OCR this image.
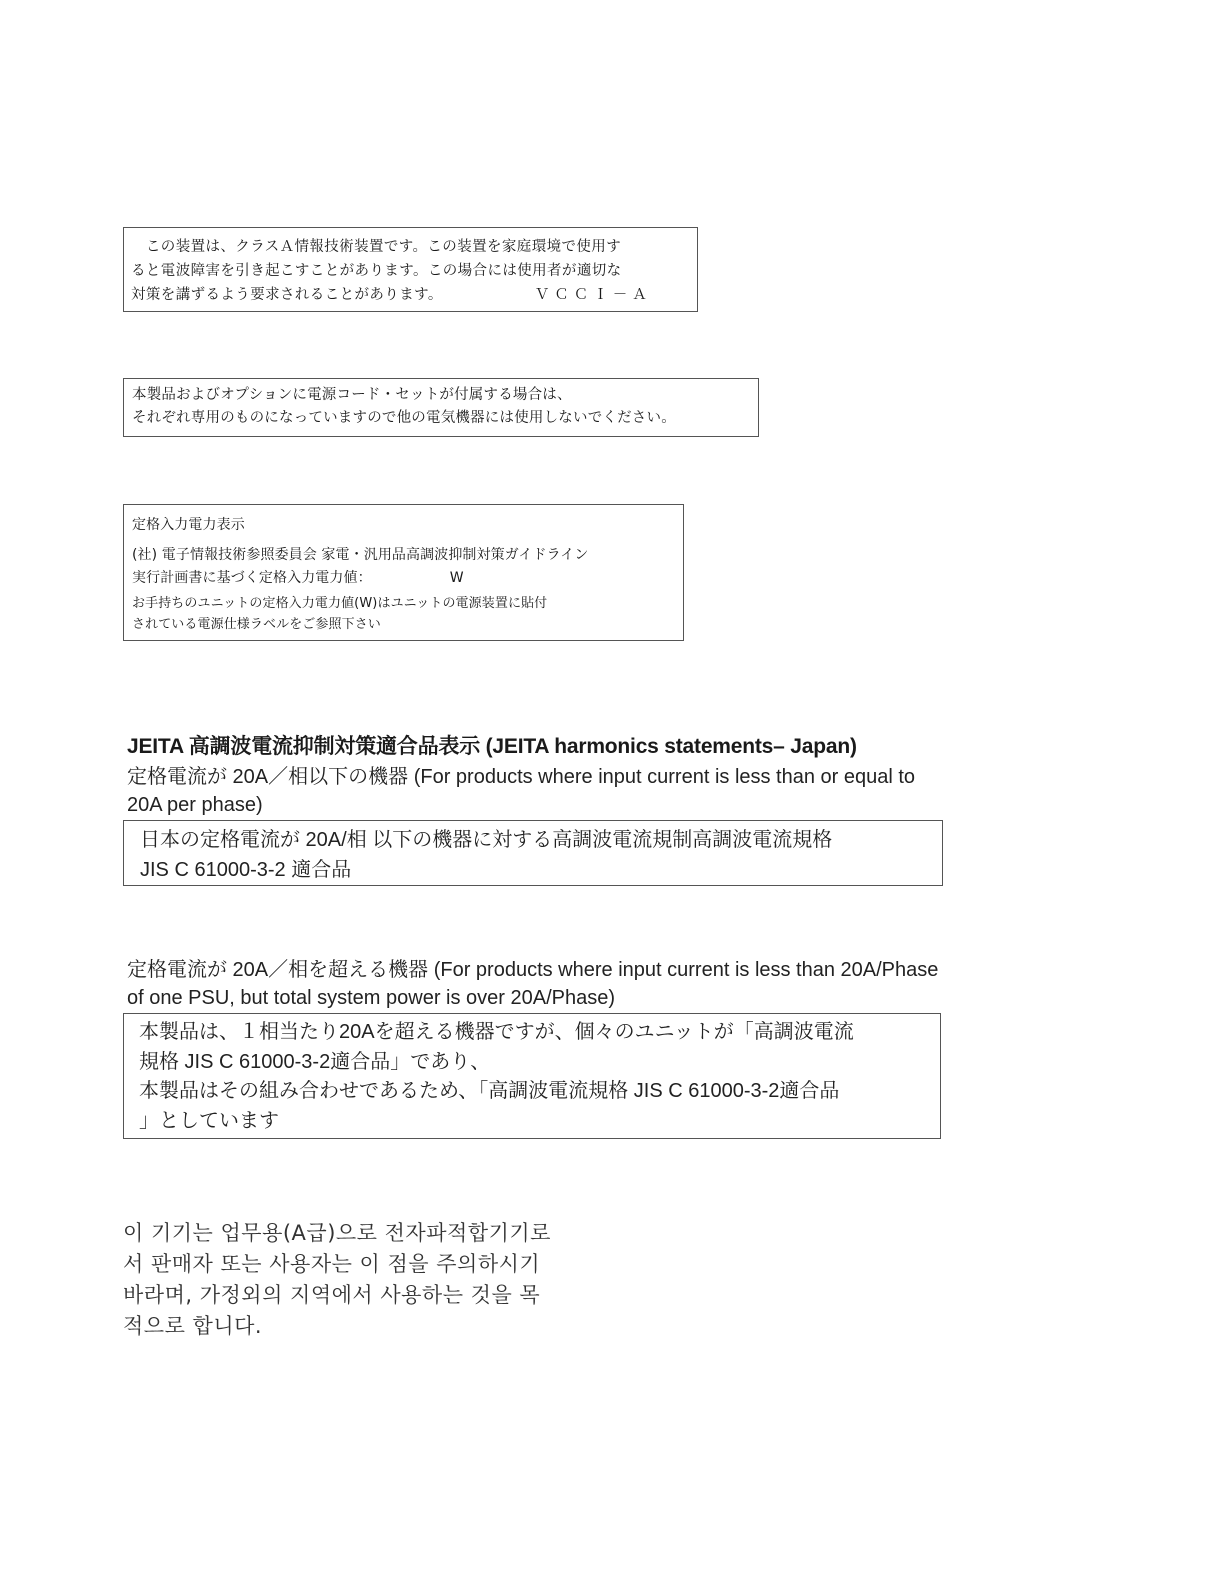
　この装置は、クラスＡ情報技術装置です。この装置を家庭環境で使用す
ると電波障害を引き起こすことがあります。この場合には使用者が適切な
対策を講ずるよう要求されることがあります。	ＶＣＣＩ－Ａ
本製品およびオプションに電源コード・セットが付属する場合は、
それぞれ専用のものになっていますので他の電気機器には使用しないでください。
定格入力電力表示
(社) 電子情報技術参照委員会 家電・汎用品高調波抑制対策ガイドライン
実行計画書に基づく定格入力電力値：	W
お手持ちのユニットの定格入力電力値(W)はユニットの電源装置に貼付
されている電源仕様ラベルをご参照下さい
JEITA 高調波電流抑制対策適合品表示 (JEITA harmonics statements– Japan)
定格電流が 20A／相以下の機器 (For products where input current is less than or equal to 20A per phase)
日本の定格電流が 20A/相 以下の機器に対する高調波電流規制高調波電流規格
JIS C 61000-3-2 適合品
定格電流が 20A／相を超える機器 (For products where input current is less than 20A/Phase of one PSU, but total system power is over 20A/Phase)
本製品は、１相当たり20Aを超える機器ですが、個々のユニットが「高調波電流
規格 JIS C 61000-3-2適合品」であり、
本製品はその組み合わせであるため、「高調波電流規格 JIS C 61000-3-2適合品
」としています
이 기기는 업무용(A급)으로 전자파적합기기로
서 판매자 또는 사용자는 이 점을 주의하시기
바라며, 가정외의 지역에서 사용하는 것을 목
적으로 합니다.
